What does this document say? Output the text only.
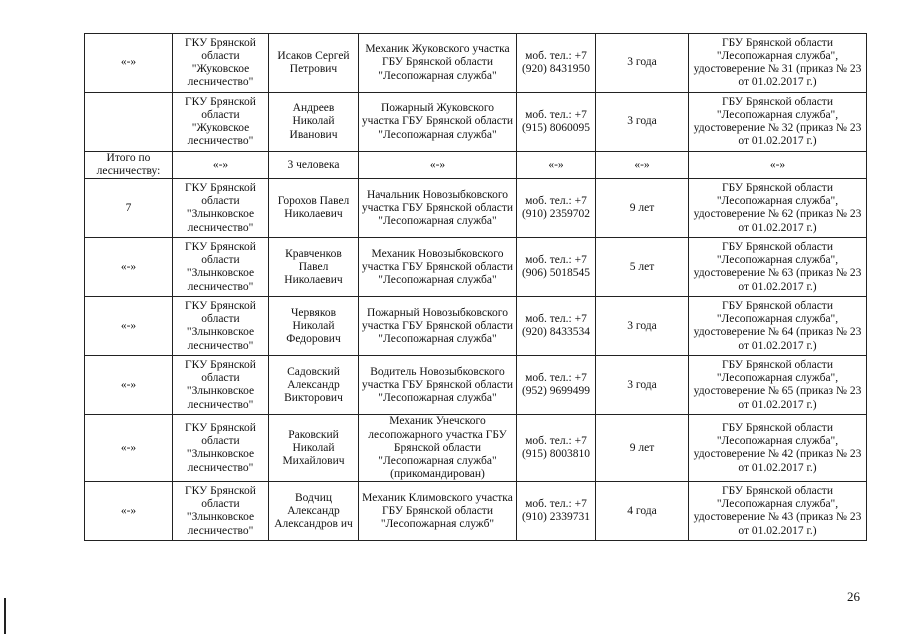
«-»	ГКУ Брянской области "Жуковское лесничество"	Исаков Сергей Петрович	Механик Жуковского участка ГБУ Брянской области "Лесопожарная служба"	моб. тел.: +7 (920) 8431950	3 года	ГБУ Брянской области "Лесопожарная служба", удостоверение № 31 (приказ № 23 от 01.02.2017 г.)
	ГКУ Брянской области "Жуковское лесничество"	Андреев Николай Иванович	Пожарный Жуковского участка ГБУ Брянской области "Лесопожарная служба"	моб. тел.: +7 (915) 8060095	3 года	ГБУ Брянской области "Лесопожарная служба", удостоверение № 32 (приказ № 23 от 01.02.2017 г.)
Итого по лесничеству:	«-»	3 человека	«-»	«-»	«-»	«-»
7	ГКУ Брянской области "Злынковское лесничество"	Горохов Павел Николаевич	Начальник Новозыбковского участка ГБУ Брянской области "Лесопожарная служба"	моб. тел.: +7 (910) 2359702	9 лет	ГБУ Брянской области "Лесопожарная служба", удостоверение № 62 (приказ № 23 от 01.02.2017 г.)
«-»	ГКУ Брянской области "Злынковское лесничество"	Кравченков Павел Николаевич	Механик Новозыбковского участка ГБУ Брянской области "Лесопожарная служба"	моб. тел.: +7 (906) 5018545	5 лет	ГБУ Брянской области "Лесопожарная служба", удостоверение № 63 (приказ № 23 от 01.02.2017 г.)
«-»	ГКУ Брянской области "Злынковское лесничество"	Червяков Николай Федорович	Пожарный Новозыбковского участка ГБУ Брянской области "Лесопожарная служба"	моб. тел.: +7 (920) 8433534	3 года	ГБУ Брянской области "Лесопожарная служба", удостоверение № 64 (приказ № 23 от 01.02.2017 г.)
«-»	ГКУ Брянской области "Злынковское лесничество"	Садовский Александр Викторович	Водитель Новозыбковского участка ГБУ Брянской области "Лесопожарная служба"	моб. тел.: +7 (952) 9699499	3 года	ГБУ Брянской области "Лесопожарная служба", удостоверение № 65 (приказ № 23 от 01.02.2017 г.)
«-»	ГКУ Брянской области "Злынковское лесничество"	Раковский Николай Михайлович	Механик Унечского лесопожарного участка ГБУ Брянской области "Лесопожарная служба" (прикомандирован)	моб. тел.: +7 (915) 8003810	9 лет	ГБУ Брянской области "Лесопожарная служба", удостоверение № 42 (приказ № 23 от 01.02.2017 г.)
«-»	ГКУ Брянской области "Злынковское лесничество"	Водчиц Александр Александров ич	Механик Климовского участка ГБУ Брянской области "Лесопожарная служб"	моб. тел.: +7 (910) 2339731	4 года	ГБУ Брянской области "Лесопожарная служба", удостоверение № 43 (приказ № 23 от 01.02.2017 г.)
26
